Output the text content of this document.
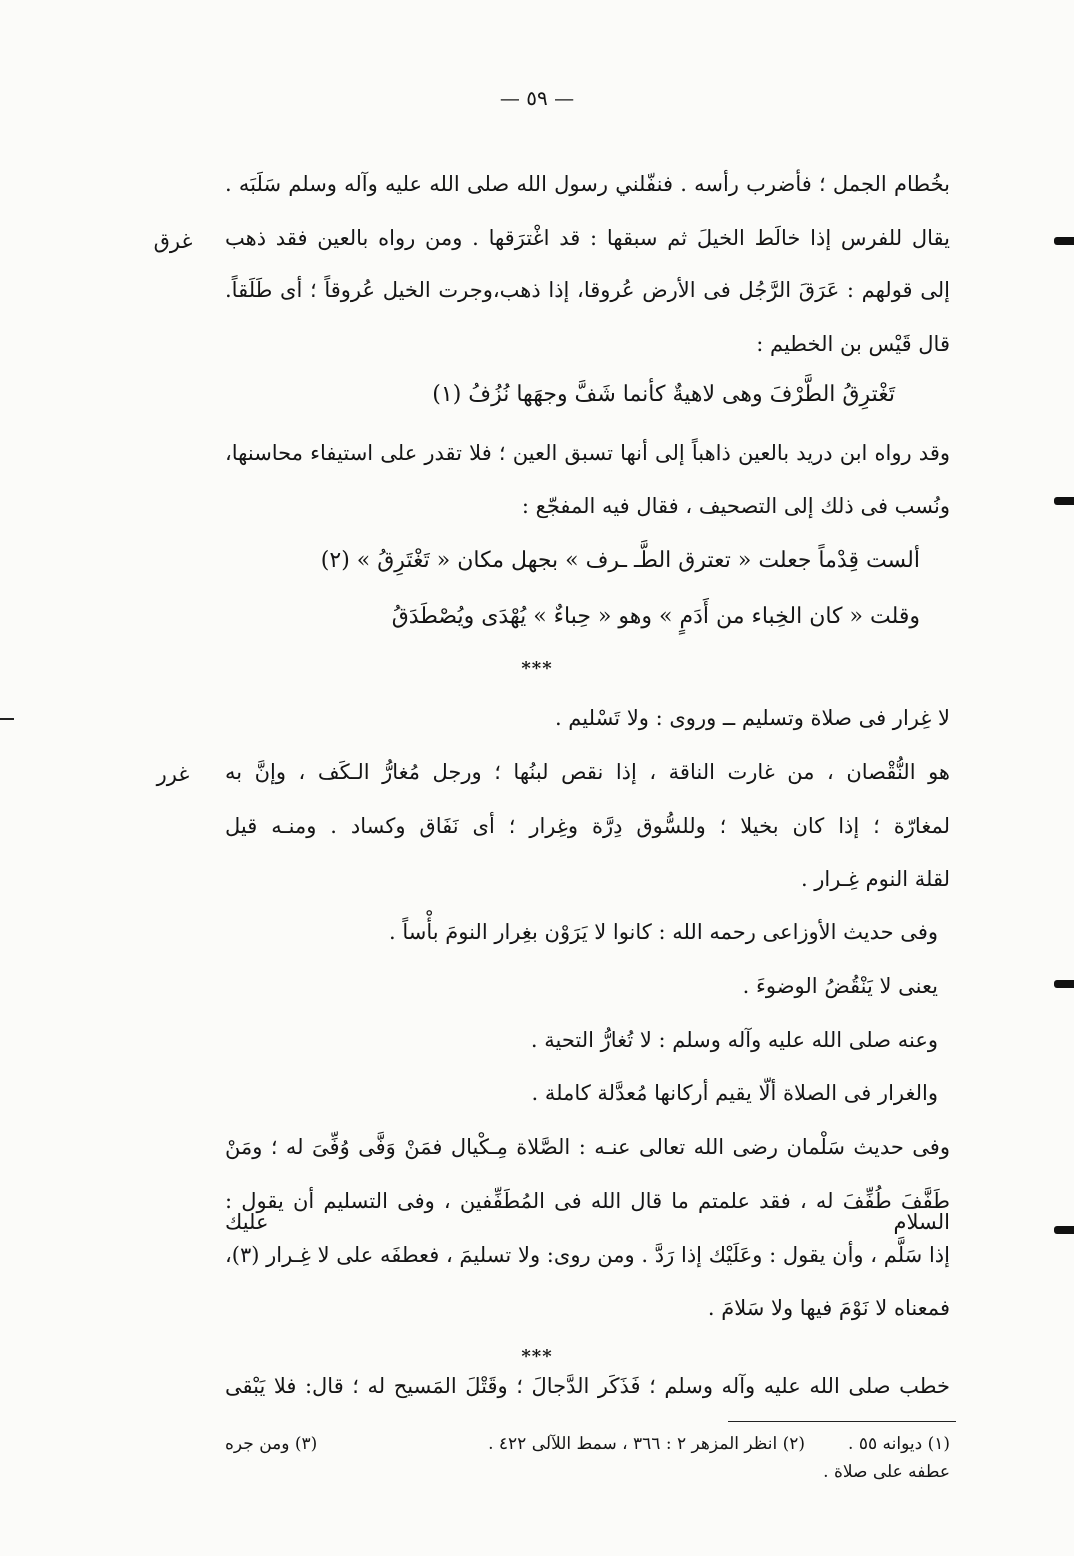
— ٥٩ —
غرق
غرر
بخُطام الجمل ؛ فأضرب رأسه . فنفّلني رسول الله صلى الله عليه وآله وسلم سَلَبَه .
يقال للفرس إذا خالَط الخيلَ ثم سبقها : قد اغْترَقها . ومن رواه بالعين فقد ذهب
إلى قولهم : عَرَقَ الرَّجُل فى الأرض عُروقا، إذا ذهب،وجرت الخيل عُروقاً ؛ أى طَلَقاً.
قال قَيْس بن الخطيم :
تَغْترِقُ الطَّرْفَ وهى لاهيةٌ كأنما شَفَّ وجهَها نُزُفُ (١)
وقد رواه ابن دريد بالعين ذاهباً إلى أنها تسبق العين ؛ فلا تقدر على استيفاء محاسنها،
ونُسب فى ذلك إلى التصحيف ، فقال فيه المفجّع :
ألست قِدْماً جعلت « تعترق الطَّـ ـرف » بجهل مكان « تَغْتَرِقُ » (٢)
وقلت « كان الخِباء من أَدَمٍ » وهو « حِباءٌ » يُهْدَى ويُصْطَدَقُ
لا غِرار فى صلاة وتسليم ــ وروى : ولا تَسْليم .
هو النُّقْصان ، من غارت الناقة ، إذا نقص لبنُها ؛ ورجل مُغارُّ الـكَف ، وإنَّ به
لمغارّة ؛ إذا كان بخيلا ؛ وللسُّوق دِرَّة وغِرار ؛ أى نَفَاق وكساد . ومنـه قيل
لقلة النوم غِـرار .
وفى حديث الأوزاعى رحمه الله : كانوا لا يَرَوْن بغِرار النومَ بأْساً .
يعنى لا يَنْقُضُ الوضوءَ .
وعنه صلى الله عليه وآله وسلم : لا تُغارُّ التحية .
والغرار فى الصلاة ألّا يقيم أركانها مُعدَّلة كاملة .
وفى حديث سَلْمان رضى الله تعالى عنـه : الصَّلاة مِـكْيال فمَنْ وَفَّى وُفِّىَ له ؛ ومَنْ
طَفَّفَ طُفِّفَ له ، فقد علمتم ما قال الله فى المُطَفِّفين ، وفى التسليم أن يقول : السلام عليك
إذا سَلَّم ، وأن يقول : وعَلَيْك إذا رَدَّ . ومن روى: ولا تسليمَ ، فعطفَه على لا غِـرار (٣)،
فمعناه لا نَوْمَ فيها ولا سَلامَ .
خطب صلى الله عليه وآله وسلم ؛ فَذَكَر الدَّجالَ ؛ وقَتْلَ المَسيح له ؛ قال: فلا يَبْقى
***
***
(١) ديوانه ٥٥ .
(٢) انظر المزهر ٢ : ٣٦٦ ، سمط اللآلى ٤٢٢ .
(٣) ومن جره
عطفه على صلاة .
